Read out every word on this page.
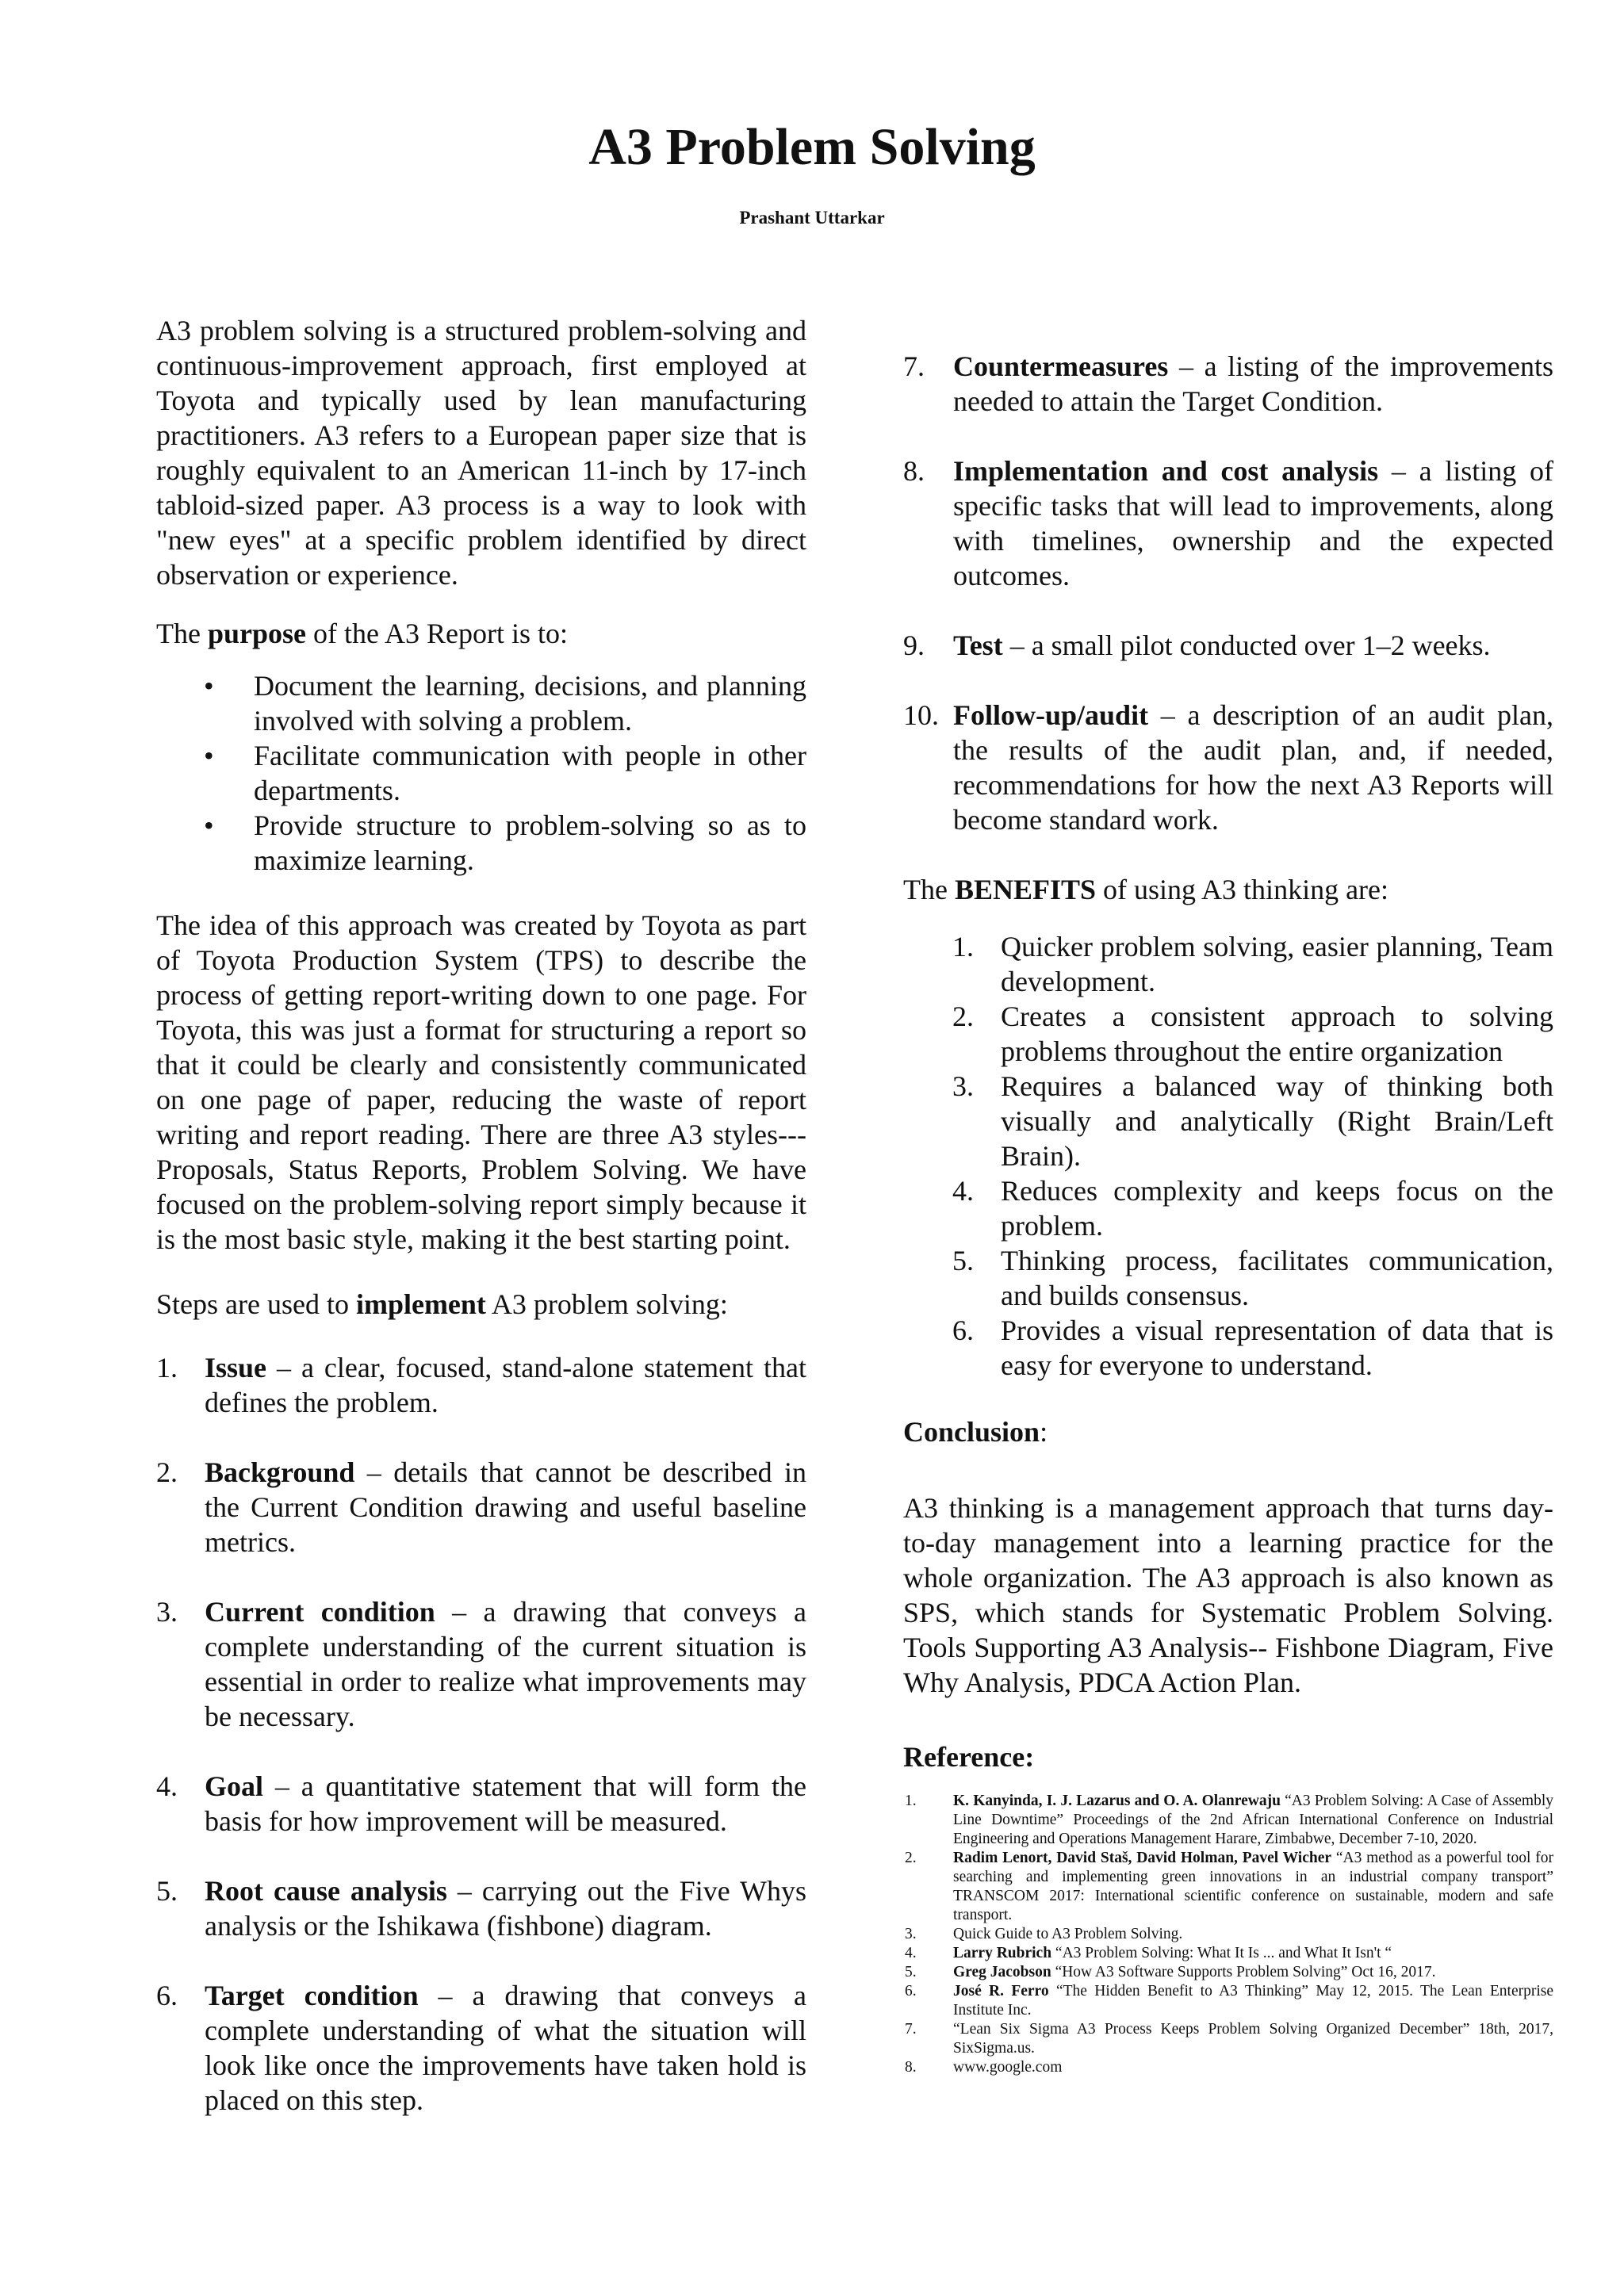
A3 Problem Solving
Prashant Uttarkar

A3 problem solving is a structured problem-solving and continuous-improvement approach, first employed at Toyota and typically used by lean manufacturing practitioners. A3 refers to a European paper size that is roughly equivalent to an American 11-inch by 17-inch tabloid-sized paper. A3 process is a way to look with "new eyes" at a specific problem identified by direct observation or experience.

The purpose of the A3 Report is to:

• Document the learning, decisions, and planning involved with solving a problem.
• Facilitate communication with people in other departments.
• Provide structure to problem-solving so as to maximize learning.

The idea of this approach was created by Toyota as part of Toyota Production System (TPS) to describe the process of getting report-writing down to one page. For Toyota, this was just a format for structuring a report so that it could be clearly and consistently communicated on one page of paper, reducing the waste of report writing and report reading. There are three A3 styles--- Proposals, Status Reports, Problem Solving. We have focused on the problem-solving report simply because it is the most basic style, making it the best starting point.

Steps are used to implement A3 problem solving:

1. Issue – a clear, focused, stand-alone statement that defines the problem.
2. Background – details that cannot be described in the Current Condition drawing and useful baseline metrics.
3. Current condition – a drawing that conveys a complete understanding of the current situation is essential in order to realize what improvements may be necessary.
4. Goal – a quantitative statement that will form the basis for how improvement will be measured.
5. Root cause analysis – carrying out the Five Whys analysis or the Ishikawa (fishbone) diagram.
6. Target condition – a drawing that conveys a complete understanding of what the situation will look like once the improvements have taken hold is placed on this step.
7. Countermeasures – a listing of the improvements needed to attain the Target Condition.
8. Implementation and cost analysis – a listing of specific tasks that will lead to improvements, along with timelines, ownership and the expected outcomes.
9. Test – a small pilot conducted over 1–2 weeks.
10. Follow-up/audit – a description of an audit plan, the results of the audit plan, and, if needed, recommendations for how the next A3 Reports will become standard work.

The BENEFITS of using A3 thinking are:

1. Quicker problem solving, easier planning, Team development.
2. Creates a consistent approach to solving problems throughout the entire organization
3. Requires a balanced way of thinking both visually and analytically (Right Brain/Left Brain).
4. Reduces complexity and keeps focus on the problem.
5. Thinking process, facilitates communication, and builds consensus.
6. Provides a visual representation of data that is easy for everyone to understand.

Conclusion:

A3 thinking is a management approach that turns day-to-day management into a learning practice for the whole organization. The A3 approach is also known as SPS, which stands for Systematic Problem Solving. Tools Supporting A3 Analysis-- Fishbone Diagram, Five Why Analysis, PDCA Action Plan.

Reference:

1. K. Kanyinda, I. J. Lazarus and O. A. Olanrewaju “A3 Problem Solving: A Case of Assembly Line Downtime” Proceedings of the 2nd African International Conference on Industrial Engineering and Operations Management Harare, Zimbabwe, December 7-10, 2020.
2. Radim Lenort, David Staš, David Holman, Pavel Wicher “A3 method as a powerful tool for searching and implementing green innovations in an industrial company transport” TRANSCOM 2017: International scientific conference on sustainable, modern and safe transport.
3. Quick Guide to A3 Problem Solving.
4. Larry Rubrich “A3 Problem Solving: What It Is ... and What It Isn't “
5. Greg Jacobson “How A3 Software Supports Problem Solving” Oct 16, 2017.
6. José R. Ferro “The Hidden Benefit to A3 Thinking” May 12, 2015. The Lean Enterprise Institute Inc.
7. “Lean Six Sigma A3 Process Keeps Problem Solving Organized December” 18th, 2017, SixSigma.us.
8. www.google.com
